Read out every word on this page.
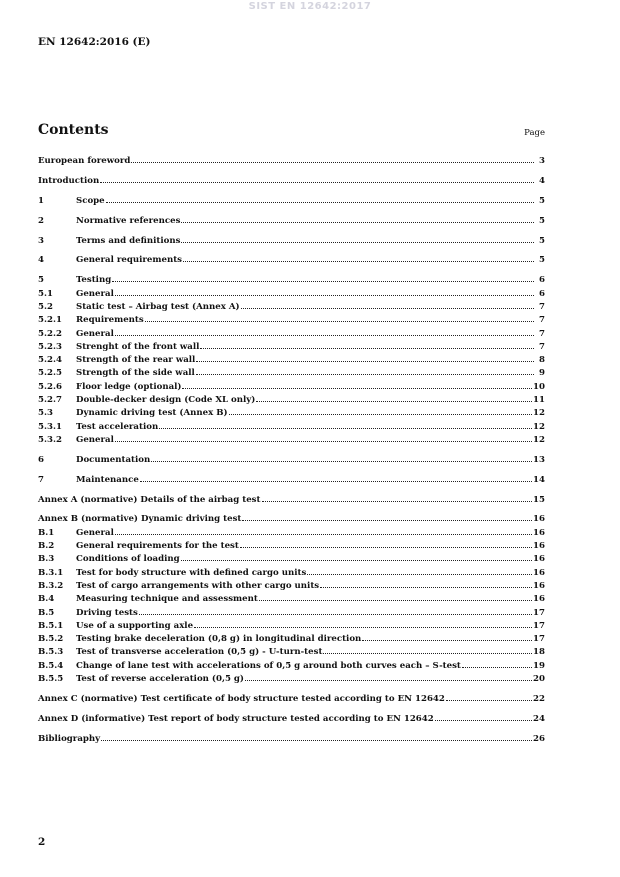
SIST EN 12642:2017
EN 12642:2016 (E)
Contents	Page
European foreword	3
Introduction	4
1	Scope	5
2	Normative references	5
3	Terms and definitions	5
4	General requirements	5
5	Testing	6
5.1	General	6
5.2	Static test – Airbag test (Annex A)	7
5.2.1	Requirements	7
5.2.2	General	7
5.2.3	Strenght of the front wall	7
5.2.4	Strength of the rear wall	8
5.2.5	Strength of the side wall	9
5.2.6	Floor ledge (optional)	10
5.2.7	Double-decker design (Code XL only)	11
5.3	Dynamic driving test (Annex B)	12
5.3.1	Test acceleration	12
5.3.2	General	12
6	Documentation	13
7	Maintenance	14
Annex A (normative) Details of the airbag test	15
Annex B (normative) Dynamic driving test	16
B.1	General	16
B.2	General requirements for the test	16
B.3	Conditions of loading	16
B.3.1	Test for body structure with defined cargo units	16
B.3.2	Test of cargo arrangements with other cargo units	16
B.4	Measuring technique and assessment	16
B.5	Driving tests	17
B.5.1	Use of a supporting axle	17
B.5.2	Testing brake deceleration (0,8 g) in longitudinal direction	17
B.5.3	Test of transverse acceleration (0,5 g) - U-turn-test	18
B.5.4	Change of lane test with accelerations of 0,5 g around both curves each – S-test	19
B.5.5	Test of reverse acceleration (0,5 g)	20
Annex C (normative) Test certificate of body structure tested according to EN 12642	22
Annex D (informative) Test report of body structure tested according to EN 12642	24
Bibliography	26
2
